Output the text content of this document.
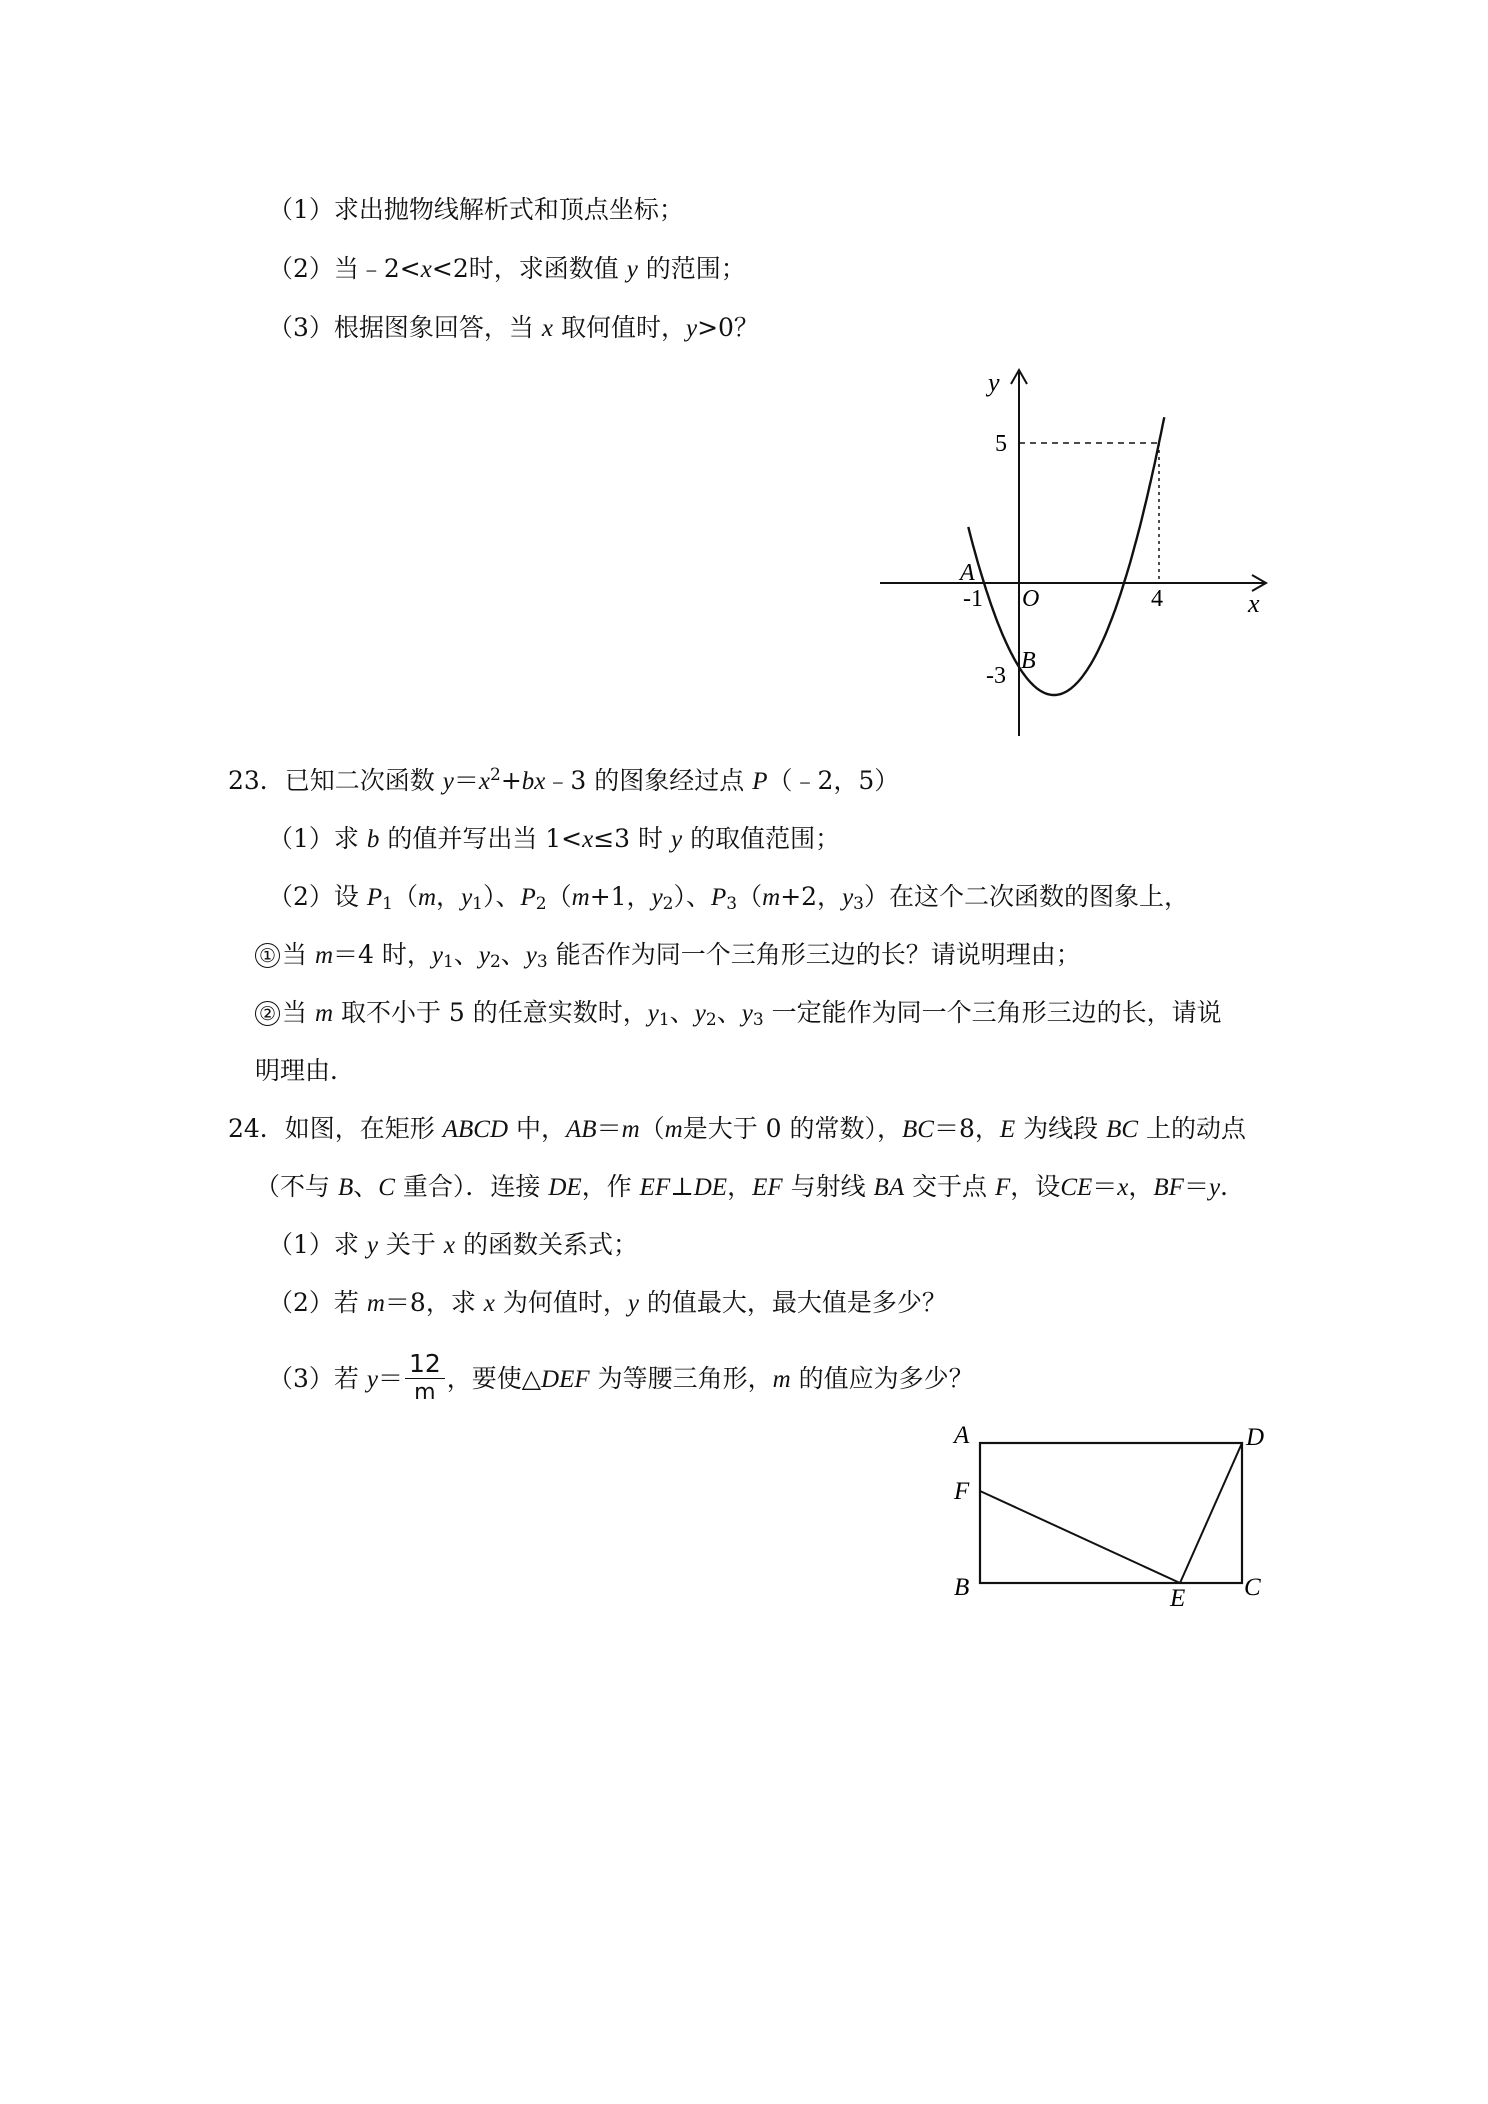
（1）求出抛物线解析式和顶点坐标；
（2）当﹣2<x<2时，求函数值 y 的范围；
（3）根据图象回答，当 x 取何值时，y>0？
y
x
O
A
B
-1	4
5
-3
23．已知二次函数 $y=x^2+bx﹣3$ 的图象经过点 P（﹣2，5）
（1）求 b 的值并写出当 1<x≤3 时 y 的取值范围；
（2）设 $P_1(m$，$y_1$）、$P_2(m+1$，$y_2$）、$P_3(m+2$，$y_3$）在这个二次函数的图象上，
① 当 m＝4 时，$y_1$、$y_2$、$y_3$ 能否作为同一个三角形三边的长？请说明理由；
② 当 m 取不小于 5 的任意实数时，$y_1$、$y_2$、$y_3$ 一定能作为同一个三角形三边的长，请说
明理由．
24．如图，在矩形 ABCD 中，AB＝m（m是大于 0 的常数），BC＝8，E 为线段 BC 上的动点
（不与 B、C 重合）．连接 DE，作 EF⊥DE，EF 与射线 BA 交于点 F，设CE＝x，BF＝y．
（1）求 y 关于 x 的函数关系式；
（2）若 m＝8，求 x 为何值时，y 的值最大，最大值是多少？
（3）若 $y= \frac{12}{m}$ ，要使△DEF 为等腰三角形，m 的值应为多少？
A
F
B	E C
D
